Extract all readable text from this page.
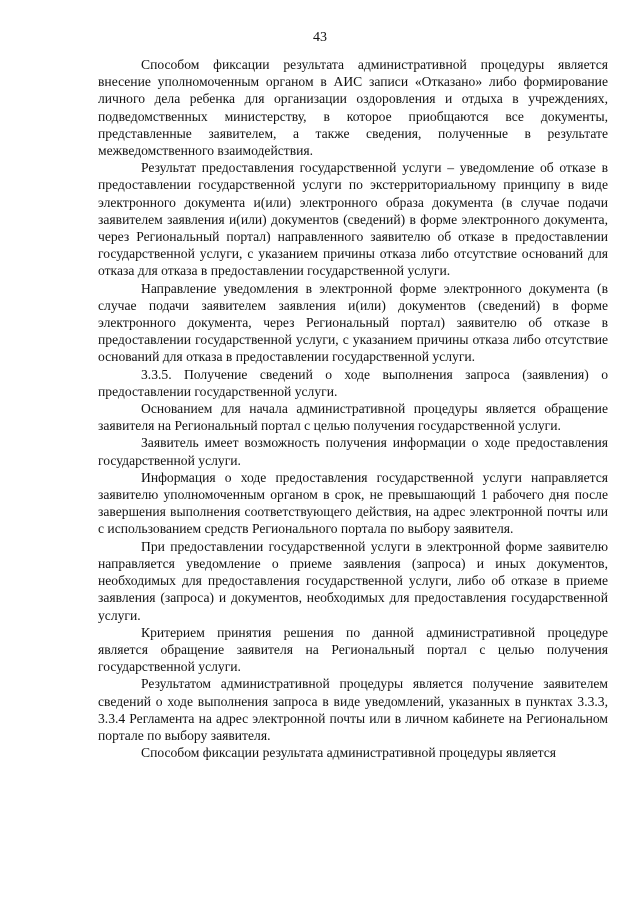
43

Способом фиксации результата административной процедуры является внесение уполномоченным органом в АИС записи «Отказано» либо формирование личного дела ребенка для организации оздоровления и отдыха в учреждениях, подведомственных министерству, в которое приобщаются все документы, представленные заявителем, а также сведения, полученные в результате межведомственного взаимодействия.

Результат предоставления государственной услуги – уведомление об отказе в предоставлении государственной услуги по экстерриториальному принципу в виде электронного документа и(или) электронного образа документа (в случае подачи заявителем заявления и(или) документов (сведений) в форме электронного документа, через Региональный портал) направленного заявителю об отказе в предоставлении государственной услуги, с указанием причины отказа либо отсутствие оснований для отказа для отказа в предоставлении государственной услуги.

Направление уведомления в электронной форме электронного документа (в случае подачи заявителем заявления и(или) документов (сведений) в форме электронного документа, через Региональный портал) заявителю об отказе в предоставлении государственной услуги, с указанием причины отказа либо отсутствие оснований для отказа в предоставлении государственной услуги.

3.3.5. Получение сведений о ходе выполнения запроса (заявления) о предоставлении государственной услуги.

Основанием для начала административной процедуры является обращение заявителя на Региональный портал с целью получения государственной услуги.

Заявитель имеет возможность получения информации о ходе предоставления государственной услуги.

Информация о ходе предоставления государственной услуги направляется заявителю уполномоченным органом в срок, не превышающий 1 рабочего дня после завершения выполнения соответствующего действия, на адрес электронной почты или с использованием средств Регионального портала по выбору заявителя.

При предоставлении государственной услуги в электронной форме заявителю направляется уведомление о приеме заявления (запроса) и иных документов, необходимых для предоставления государственной услуги, либо об отказе в приеме заявления (запроса) и документов, необходимых для предоставления государственной услуги.

Критерием принятия решения по данной административной процедуре является обращение заявителя на Региональный портал с целью получения государственной услуги.

Результатом административной процедуры является получение заявителем сведений о ходе выполнения запроса в виде уведомлений, указанных в пунктах 3.3.3, 3.3.4 Регламента на адрес электронной почты или в личном кабинете на Региональном портале по выбору заявителя.

Способом фиксации результата административной процедуры является
